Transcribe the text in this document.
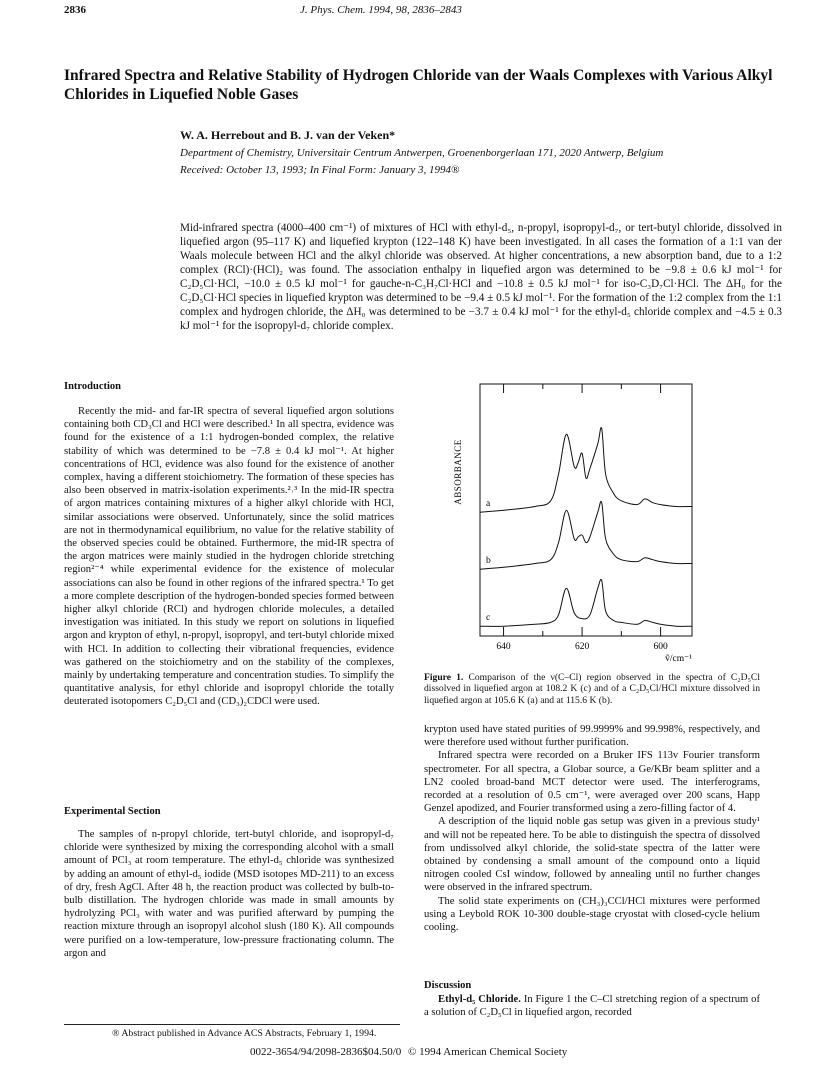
2836	J. Phys. Chem. 1994, 98, 2836–2843
Infrared Spectra and Relative Stability of Hydrogen Chloride van der Waals Complexes with Various Alkyl Chlorides in Liquefied Noble Gases
W. A. Herrebout and B. J. van der Veken*
Department of Chemistry, Universitair Centrum Antwerpen, Groenenborgerlaan 171, 2020 Antwerp, Belgium
Received: October 13, 1993; In Final Form: January 3, 1994®

Mid-infrared spectra (4000–400 cm⁻¹) of mixtures of HCl with ethyl-d₅, n-propyl, isopropyl-d₇, or tert-butyl chloride, dissolved in liquefied argon (95–117 K) and liquefied krypton (122–148 K) have been investigated. In all cases the formation of a 1:1 van der Waals molecule between HCl and the alkyl chloride was observed. At higher concentrations, a new absorption band, due to a 1:2 complex (RCl)·(HCl)₂ was found. The association enthalpy in liquefied argon was determined to be −9.8 ± 0.6 kJ mol⁻¹ for C₂D₅Cl·HCl, −10.0 ± 0.5 kJ mol⁻¹ for gauche-n-C₃H₇Cl·HCl and −10.8 ± 0.5 kJ mol⁻¹ for iso-C₃D₇Cl·HCl. The ΔH₀ for the C₂D₅Cl·HCl species in liquefied krypton was determined to be −9.4 ± 0.5 kJ mol⁻¹. For the formation of the 1:2 complex from the 1:1 complex and hydrogen chloride, the ΔH₀ was determined to be −3.7 ± 0.4 kJ mol⁻¹ for the ethyl-d₅ chloride complex and −4.5 ± 0.3 kJ mol⁻¹ for the isopropyl-d₇ chloride complex.

Introduction

Recently the mid- and far-IR spectra of several liquefied argon solutions containing both CD₃Cl and HCl were described.¹ In all spectra, evidence was found for the existence of a 1:1 hydrogen-bonded complex, the relative stability of which was determined to be −7.8 ± 0.4 kJ mol⁻¹. At higher concentrations of HCl, evidence was also found for the existence of another complex, having a different stoichiometry. The formation of these species has also been observed in matrix-isolation experiments.²˒³ In the mid-IR spectra of argon matrices containing mixtures of a higher alkyl chloride with HCl, similar associations were observed. Unfortunately, since the solid matrices are not in thermodynamical equilibrium, no value for the relative stability of the observed species could be obtained. Furthermore, the mid-IR spectra of the argon matrices were mainly studied in the hydrogen chloride stretching region²⁻⁴ while experimental evidence for the existence of molecular associations can also be found in other regions of the infrared spectra.¹ To get a more complete description of the hydrogen-bonded species formed between higher alkyl chloride (RCl) and hydrogen chloride molecules, a detailed investigation was initiated. In this study we report on solutions in liquefied argon and krypton of ethyl, n-propyl, isopropyl, and tert-butyl chloride mixed with HCl. In addition to collecting their vibrational frequencies, evidence was gathered on the stoichiometry and on the stability of the complexes, mainly by undertaking temperature and concentration studies. To simplify the quantitative analysis, for ethyl chloride and isopropyl chloride the totally deuterated isotopomers C₂D₅Cl and (CD₃)₂CDCl were used.

Experimental Section

The samples of n-propyl chloride, tert-butyl chloride, and isopropyl-d₇ chloride were synthesized by mixing the corresponding alcohol with a small amount of PCl₃ at room temperature. The ethyl-d₅ chloride was synthesized by adding an amount of ethyl-d₅ iodide (MSD isotopes MD-211) to an excess of dry, fresh AgCl. After 48 h, the reaction product was collected by bulb-to-bulb distillation. The hydrogen chloride was made in small amounts by hydrolyzing PCl₃ with water and was purified afterward by pumping the reaction mixture through an isopropyl alcohol slush (180 K). All compounds were purified on a low-temperature, low-pressure fractionating column. The argon and

® Abstract published in Advance ACS Abstracts, February 1, 1994.
0022-3654/94/2098-2836$04.50/0 © 1994 American Chemical Society
a
b
c
640	620	600
ABSORBANCE
ṽ/cm⁻¹

Figure 1. Comparison of the ν(C–Cl) region observed in the spectra of C₂D₅Cl dissolved in liquefied argon at 108.2 K (c) and of a C₂D₅Cl/HCl mixture dissolved in liquefied argon at 105.6 K (a) and at 115.6 K (b).

krypton used have stated purities of 99.9999% and 99.998%, respectively, and were therefore used without further purification.

Infrared spectra were recorded on a Bruker IFS 113v Fourier transform spectrometer. For all spectra, a Globar source, a Ge/KBr beam splitter and a LN2 cooled broad-band MCT detector were used. The interferograms, recorded at a resolution of 0.5 cm⁻¹, were averaged over 200 scans, Happ Genzel apodized, and Fourier transformed using a zero-filling factor of 4.

A description of the liquid noble gas setup was given in a previous study¹ and will not be repeated here. To be able to distinguish the spectra of dissolved from undissolved alkyl chloride, the solid-state spectra of the latter were obtained by condensing a small amount of the compound onto a liquid nitrogen cooled CsI window, followed by annealing until no further changes were observed in the infrared spectrum.

The solid state experiments on (CH₃)₃CCl/HCl mixtures were performed using a Leybold ROK 10-300 double-stage cryostat with closed-cycle helium cooling.

Discussion

Ethyl-d₅ Chloride. In Figure 1 the C–Cl stretching region of a spectrum of a solution of C₂D₅Cl in liquefied argon, recorded
